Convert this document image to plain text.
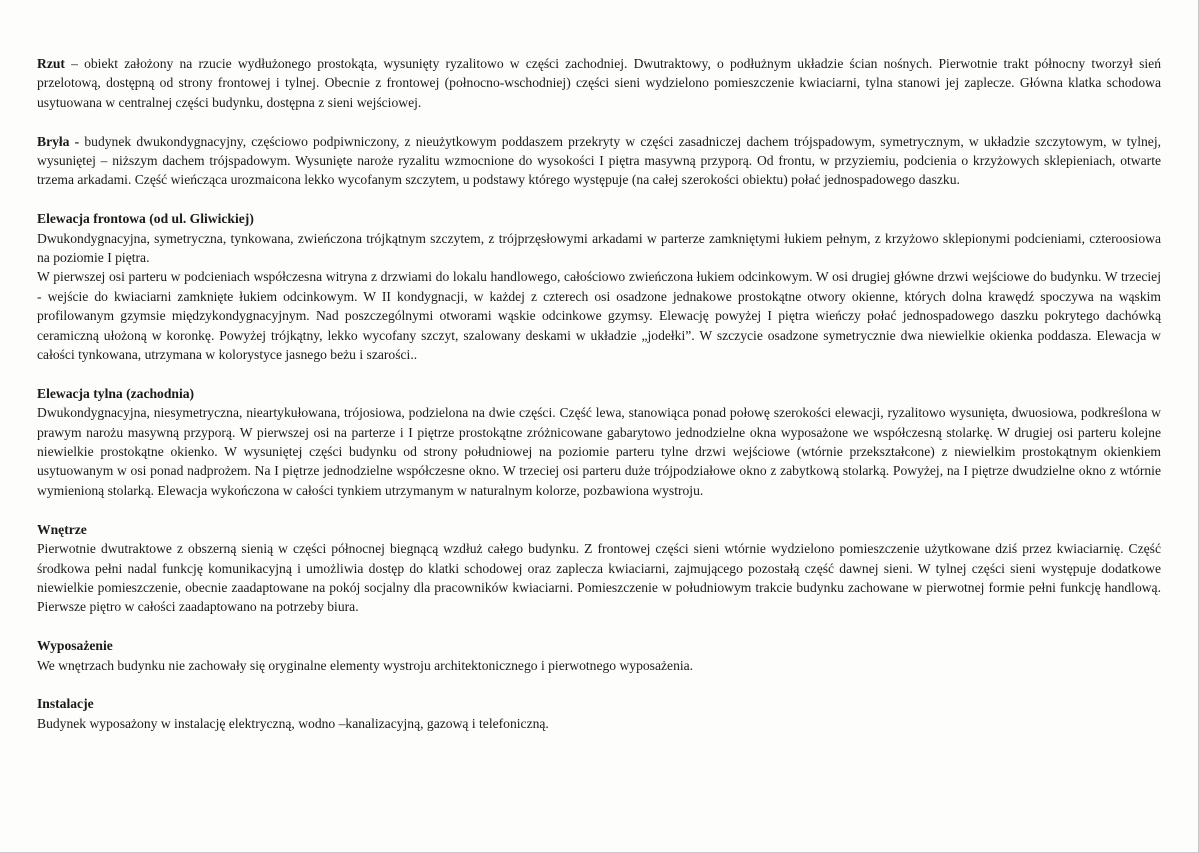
Rzut – obiekt założony na rzucie wydłużonego prostokąta, wysunięty ryzalitowo w części zachodniej. Dwutraktowy, o podłużnym układzie ścian nośnych. Pierwotnie trakt północny tworzył sień przelotową, dostępną od strony frontowej i tylnej. Obecnie z frontowej (połnocno-wschodniej) części sieni wydzielono pomieszczenie kwiaciarni, tylna stanowi jej zaplecze. Główna klatka schodowa usytuowana w centralnej części budynku, dostępna z sieni wejściowej.

Bryła - budynek dwukondygnacyjny, częściowo podpiwniczony, z nieużytkowym poddaszem przekryty w części zasadniczej dachem trójspadowym, symetrycznym, w układzie szczytowym, w tylnej, wysuniętej – niższym dachem trójspadowym. Wysunięte naroże ryzalitu wzmocnione do wysokości I piętra masywną przyporą. Od frontu, w przyziemiu, podcienia o krzyżowych sklepieniach, otwarte trzema arkadami. Część wieńcząca urozmaicona lekko wycofanym szczytem, u podstawy którego występuje (na całej szerokości obiektu) połać jednospadowego daszku.

Elewacja frontowa (od ul. Gliwickiej)

Dwukondygnacyjna, symetryczna, tynkowana, zwieńczona trójkątnym szczytem, z trójprzęsłowymi arkadami w parterze zamkniętymi łukiem pełnym, z krzyżowo sklepionymi podcieniami, czteroosiowa na poziomie I piętra.

W pierwszej osi parteru w podcieniach współczesna witryna z drzwiami do lokalu handlowego, całościowo zwieńczona łukiem odcinkowym. W osi drugiej główne drzwi wejściowe do budynku. W trzeciej - wejście do kwiaciarni zamknięte łukiem odcinkowym. W II kondygnacji, w każdej z czterech osi osadzone jednakowe prostokątne otwory okienne, których dolna krawędź spoczywa na wąskim profilowanym gzymsie międzykondygnacyjnym. Nad poszczególnymi otworami wąskie odcinkowe gzymsy. Elewację powyżej I piętra wieńczy połać jednospadowego daszku pokrytego dachówką ceramiczną ułożoną w koronkę. Powyżej trójkątny, lekko wycofany szczyt, szalowany deskami w układzie „jodełki”. W szczycie osadzone symetrycznie dwa niewielkie okienka poddasza. Elewacja w całości tynkowana, utrzymana w kolorystyce jasnego beżu i szarości..

Elewacja tylna (zachodnia)

Dwukondygnacyjna, niesymetryczna, nieartykułowana, trójosiowa, podzielona na dwie części. Część lewa, stanowiąca ponad połowę szerokości elewacji, ryzalitowo wysunięta, dwuosiowa, podkreślona w prawym narożu masywną przyporą. W pierwszej osi na parterze i I piętrze prostokątne zróżnicowane gabarytowo jednodzielne okna wyposażone we współczesną stolarkę. W drugiej osi parteru kolejne niewielkie prostokątne okienko. W wysuniętej części budynku od strony południowej na poziomie parteru tylne drzwi wejściowe (wtórnie przekształcone) z niewielkim prostokątnym okienkiem usytuowanym w osi ponad nadprożem. Na I piętrze jednodzielne współczesne okno. W trzeciej osi parteru duże trójpodziałowe okno z zabytkową stolarką. Powyżej, na I piętrze dwudzielne okno z wtórnie wymienioną stolarką. Elewacja wykończona w całości tynkiem utrzymanym w naturalnym kolorze, pozbawiona wystroju.

Wnętrze

Pierwotnie dwutraktowe z obszerną sienią w części północnej biegnącą wzdłuż całego budynku. Z frontowej części sieni wtórnie wydzielono pomieszczenie użytkowane dziś przez kwiaciarnię. Część środkowa pełni nadal funkcję komunikacyjną i umożliwia dostęp do klatki schodowej oraz zaplecza kwiaciarni, zajmującego pozostałą część dawnej sieni. W tylnej części sieni występuje dodatkowe niewielkie pomieszczenie, obecnie zaadaptowane na pokój socjalny dla pracowników kwiaciarni. Pomieszczenie w południowym trakcie budynku zachowane w pierwotnej formie pełni funkcję handlową. Pierwsze piętro w całości zaadaptowano na potrzeby biura.

Wyposażenie

We wnętrzach budynku nie zachowały się oryginalne elementy wystroju architektonicznego i pierwotnego wyposażenia.

Instalacje

Budynek wyposażony w instalację elektryczną, wodno –kanalizacyjną, gazową i telefoniczną.
